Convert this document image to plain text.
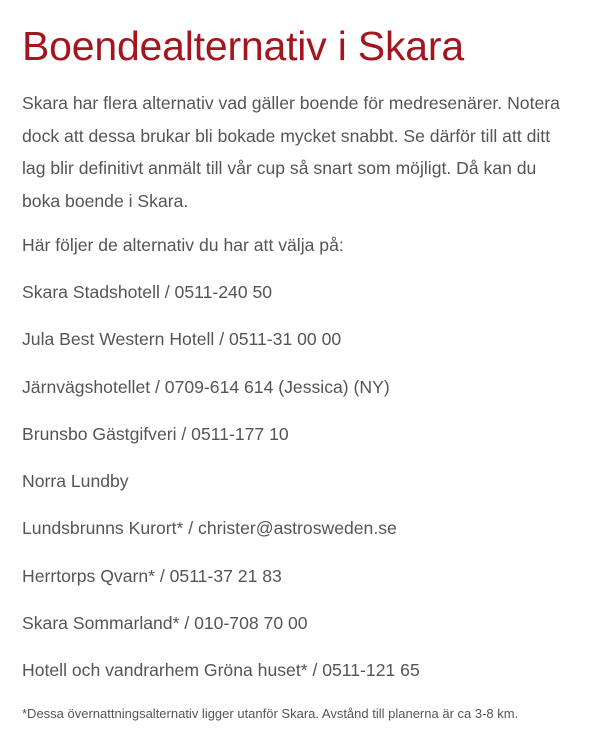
Boendealternativ i Skara

Skara har flera alternativ vad gäller boende för medresenärer. Notera dock att dessa brukar bli bokade mycket snabbt. Se därför till att ditt lag blir definitivt anmält till vår cup så snart som möjligt. Då kan du boka boende i Skara.

Här följer de alternativ du har att välja på:

Skara Stadshotell / 0511-240 50
Jula Best Western Hotell / 0511-31 00 00
Järnvägshotellet / 0709-614 614 (Jessica) (NY)
Brunsbo Gästgifveri / 0511-177 10
Norra Lundby
Lundsbrunns Kurort* / christer@astrosweden.se
Herrtorps Qvarn* / 0511-37 21 83
Skara Sommarland* / 010-708 70 00
Hotell och vandrarhem Gröna huset* / 0511-121 65

*Dessa övernattningsalternativ ligger utanför Skara. Avstånd till planerna är ca 3-8 km.
